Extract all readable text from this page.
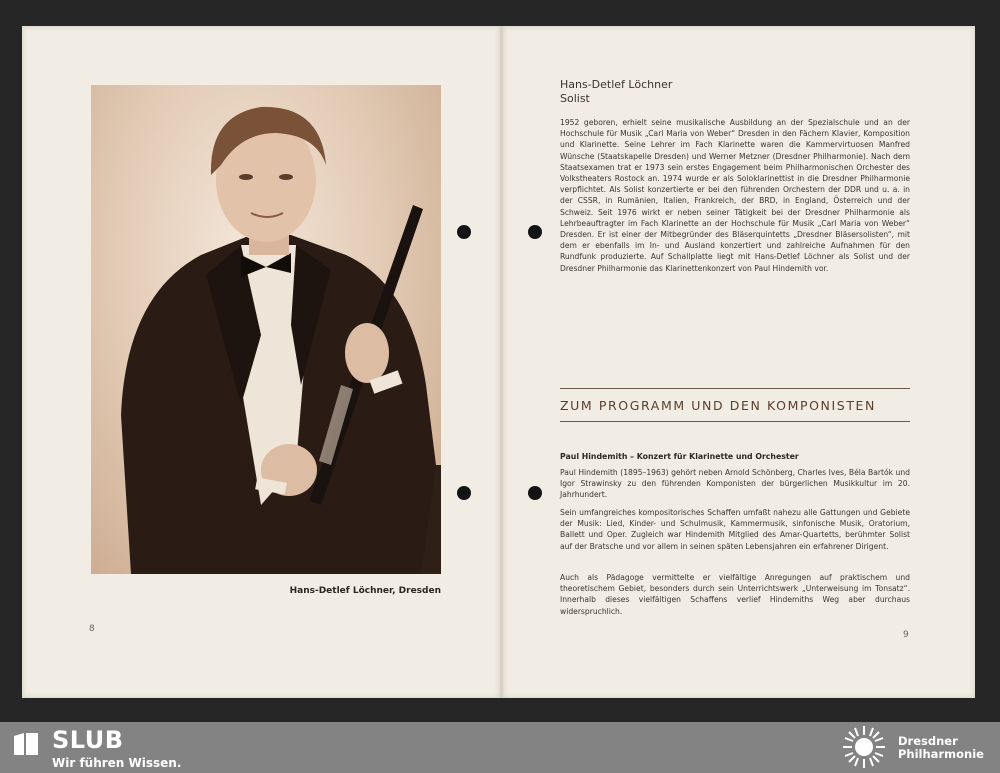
Hans-Detlef Löchner, Dresden
8
Hans-Detlef Löchner
Solist

1952 geboren, erhielt seine musikalische Ausbildung an der Spezialschule und an der Hochschule für Musik „Carl Maria von Weber“ Dresden in den Fächern Klavier, Komposition und Klarinette. Seine Lehrer im Fach Klarinette waren die Kammervirtuosen Manfred Wünsche (Staatskapelle Dresden) und Werner Metzner (Dresdner Philharmonie). Nach dem Staatsexamen trat er 1973 sein erstes Engagement beim Philharmonischen Orchester des Volkstheaters Rostock an. 1974 wurde er als Soloklarinettist in die Dresdner Philharmonie verpflichtet. Als Solist konzertierte er bei den führenden Orchestern der DDR und u. a. in der CSSR, in Rumänien, Italien, Frankreich, der BRD, in England, Österreich und der Schweiz. Seit 1976 wirkt er neben seiner Tätigkeit bei der Dresdner Philharmonie als Lehrbeauftragter im Fach Klarinette an der Hochschule für Musik „Carl Maria von Weber“ Dresden. Er ist einer der Mitbegründer des Bläserquintetts „Dresdner Bläsersolisten“, mit dem er ebenfalls im In- und Ausland konzertiert und zahlreiche Aufnahmen für den Rundfunk produzierte. Auf Schallplatte liegt mit Hans-Detlef Löchner als Solist und der Dresdner Philharmonie das Klarinettenkonzert von Paul Hindemith vor.

ZUM PROGRAMM UND DEN KOMPONISTEN
Paul Hindemith – Konzert für Klarinette und Orchester

Paul Hindemith (1895–1963) gehört neben Arnold Schönberg, Charles Ives, Béla Bartók und Igor Strawinsky zu den führenden Komponisten der bürgerlichen Musikkultur im 20. Jahrhundert.

Sein umfangreiches kompositorisches Schaffen umfaßt nahezu alle Gattungen und Gebiete der Musik: Lied, Kinder- und Schulmusik, Kammermusik, sinfonische Musik, Oratorium, Ballett und Oper. Zugleich war Hindemith Mitglied des Amar-Quartetts, berühmter Solist auf der Bratsche und vor allem in seinen späten Lebensjahren ein erfahrener Dirigent.

Auch als Pädagoge vermittelte er vielfältige Anregungen auf praktischem und theoretischem Gebiet, besonders durch sein Unterrichtswerk „Unterweisung im Tonsatz“. Innerhalb dieses vielfältigen Schaffens verlief Hindemiths Weg aber durchaus widerspruchlich.

9
SLUB
Wir führen Wissen.
Dresdner
Philharmonie
